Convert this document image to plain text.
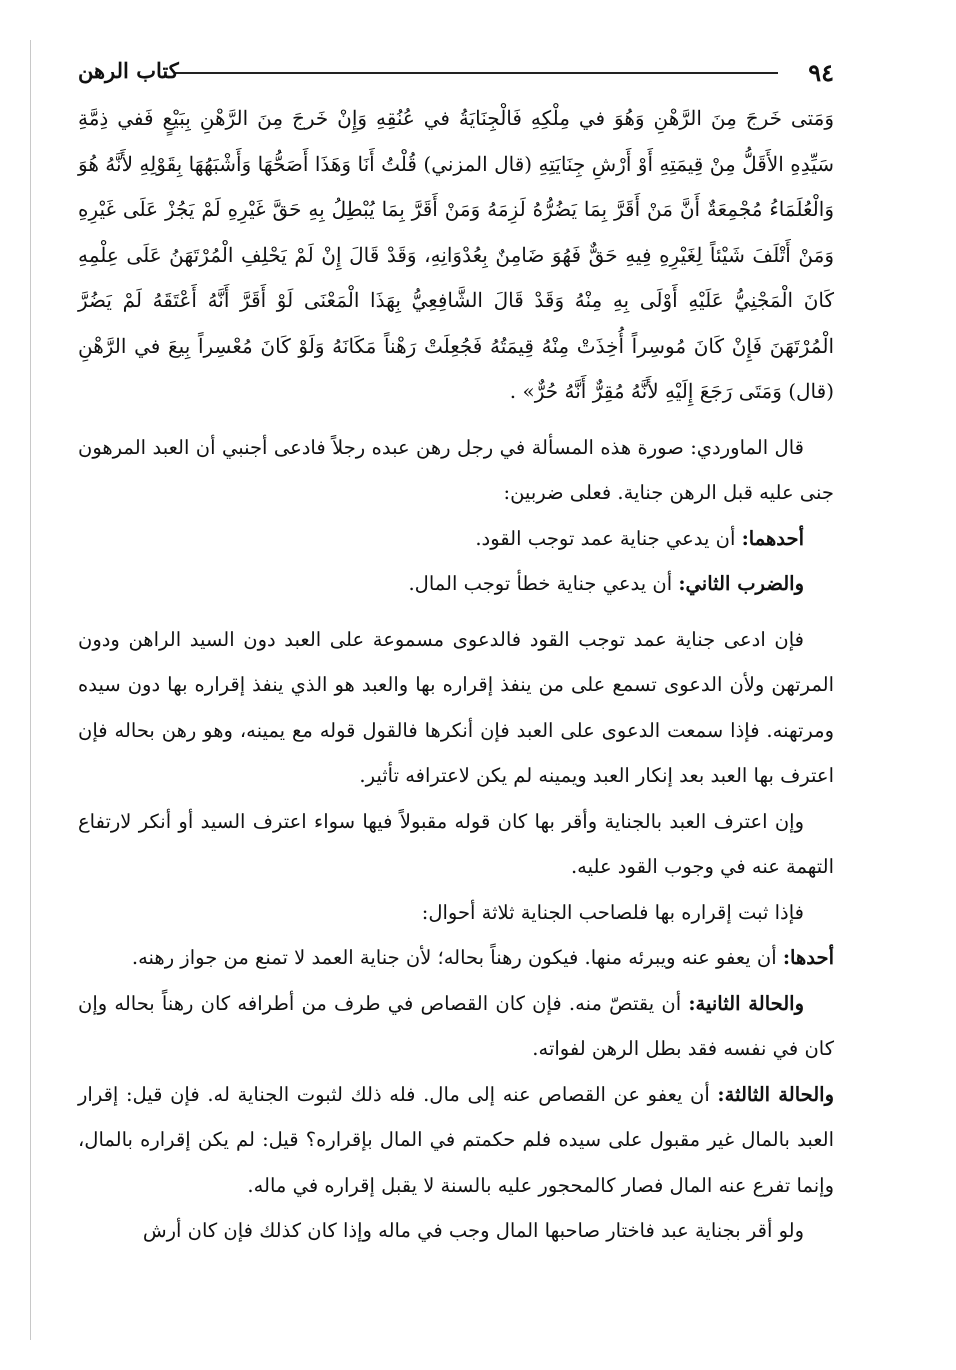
٩٤
كتاب الرهن

وَمَتى خَرجَ مِنَ الرَّهْنِ وَهُوَ في مِلْكِهِ فَالْجِنَايَةُ في عُنُقِهِ وَإِنْ خَرجَ مِنَ الرَّهْنِ بِبَيْعٍ فَفي ذِمَّةِ سَيِّدِهِ الأَقَلُّ مِنْ قِيمَتِهِ أَوْ أَرْشِ جِنَايَتِهِ (قال المزني) قُلْتُ أَنَا وَهَذَا أَصَحُّهَا وَأَشْبَهُهَا بِقَوْلِهِ لأَنَّهُ هُوَ وَالْعُلَمَاءُ مُجْمِعَةٌ أَنَّ مَنْ أَقَرَّ بِمَا يَضُرُّهُ لَزِمَهُ وَمَنْ أَقَرَّ بِمَا يُبْطِلُ بِهِ حَقَّ غَيْرِهِ لَمْ يَجُزْ عَلَى غَيْرِهِ وَمَنْ أَتْلَفَ شَيْئاً لِغَيْرِهِ فِيهِ حَقٌّ فَهُوَ ضَامِنٌ بِعُدْوَانِهِ، وَقَدْ قَالَ إِنْ لَمْ يَحْلِفِ الْمُرْتَهَنُ عَلَى عِلْمِهِ كَانَ الْمَجْنِيُّ عَلَيْهِ أَوْلَى بِهِ مِنْهُ وَقَدْ قَالَ الشَّافِعِيُّ بِهَذَا الْمَعْنَى لَوْ أَقَرَّ أَنَّهُ أَعْتَقَهُ لَمْ يَضُرَّ الْمُرْتَهَنَ فَإِنْ كَانَ مُوسِراً أُخِذَتْ مِنْهُ قِيمَتُهُ فَجُعِلَتْ رَهْناً مَكَانَهُ وَلَوْ كَانَ مُعْسِراً بِيعَ في الرَّهْنِ (قال) وَمَتَى رَجَعَ إِلَيْهِ لأَنَّهُ مُقِرٌّ أَنَّهُ حُرٌّ» .

قال الماوردي: صورة هذه المسألة في رجل رهن عبده رجلاً فادعى أجنبي أن العبد المرهون جنى عليه قبل الرهن جناية. فعلى ضربين:

أحدهما: أن يدعي جناية عمد توجب القود.

والضرب الثاني: أن يدعي جناية خطأ توجب المال.

فإن ادعى جناية عمد توجب القود فالدعوى مسموعة على العبد دون السيد الراهن ودون المرتهن ولأن الدعوى تسمع على من ينفذ إقراره بها والعبد هو الذي ينفذ إقراره بها دون سيده ومرتهنه. فإذا سمعت الدعوى على العبد فإن أنكرها فالقول قوله مع يمينه، وهو رهن بحاله فإن اعترف بها العبد بعد إنكار العبد ويمينه لم يكن لاعترافه تأثير.

وإن اعترف العبد بالجناية وأقر بها كان قوله مقبولاً فيها سواء اعترف السيد أو أنكر لارتفاع التهمة عنه في وجوب القود عليه.

فإذا ثبت إقراره بها فلصاحب الجناية ثلاثة أحوال:

أحدها: أن يعفو عنه ويبرئه منها. فيكون رهناً بحاله؛ لأن جناية العمد لا تمنع من جواز رهنه.

والحالة الثانية: أن يقتصّ منه. فإن كان القصاص في طرف من أطرافه كان رهناً بحاله وإن كان في نفسه فقد بطل الرهن لفواته.

والحالة الثالثة: أن يعفو عن القصاص عنه إلى مال. فله ذلك لثبوت الجناية له. فإن قيل: إقرار العبد بالمال غير مقبول على سيده فلم حكمتم في المال بإقراره؟ قيل: لم يكن إقراره بالمال، وإنما تفرع عنه المال فصار كالمحجور عليه بالسنة لا يقبل إقراره في ماله.

ولو أقر بجناية عبد فاختار صاحبها المال وجب في ماله وإذا كان كذلك فإن كان أرش
